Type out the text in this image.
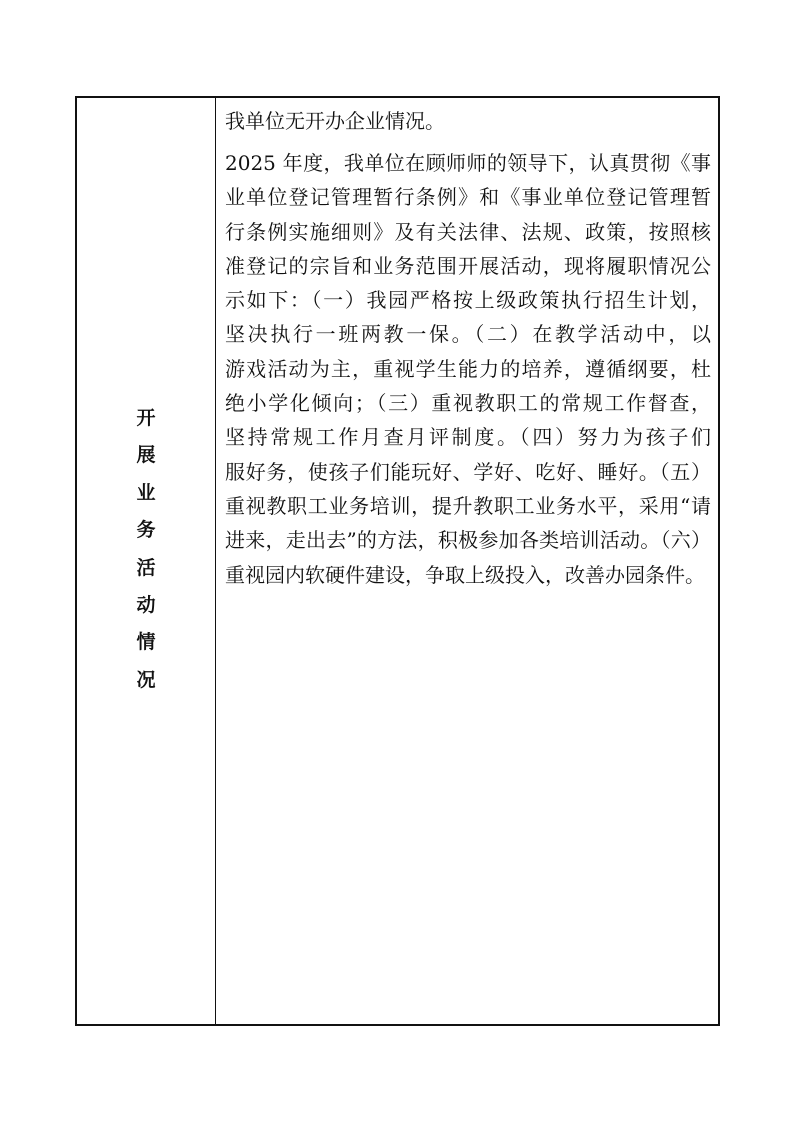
开
展
业
务
活
动
情
况

我单位无开办企业情况。

2025 年度，我单位在顾师师的领导下，认真贯彻《事
业单位登记管理暂行条例》和《事业单位登记管理暂
行条例实施细则》及有关法律、法规、政策，按照核
准登记的宗旨和业务范围开展活动，现将履职情况公
示如下：（一）我园严格按上级政策执行招生计划，
坚决执行一班两教一保。（二）在教学活动中，以
游戏活动为主，重视学生能力的培养，遵循纲要，杜
绝小学化倾向；（三）重视教职工的常规工作督查，
坚持常规工作月查月评制度。（四）努力为孩子们
服好务，使孩子们能玩好、学好、吃好、睡好。（五）
重视教职工业务培训，提升教职工业务水平，采用“请
进来，走出去”的方法，积极参加各类培训活动。（六）
重视园内软硬件建设，争取上级投入，改善办园条件。
